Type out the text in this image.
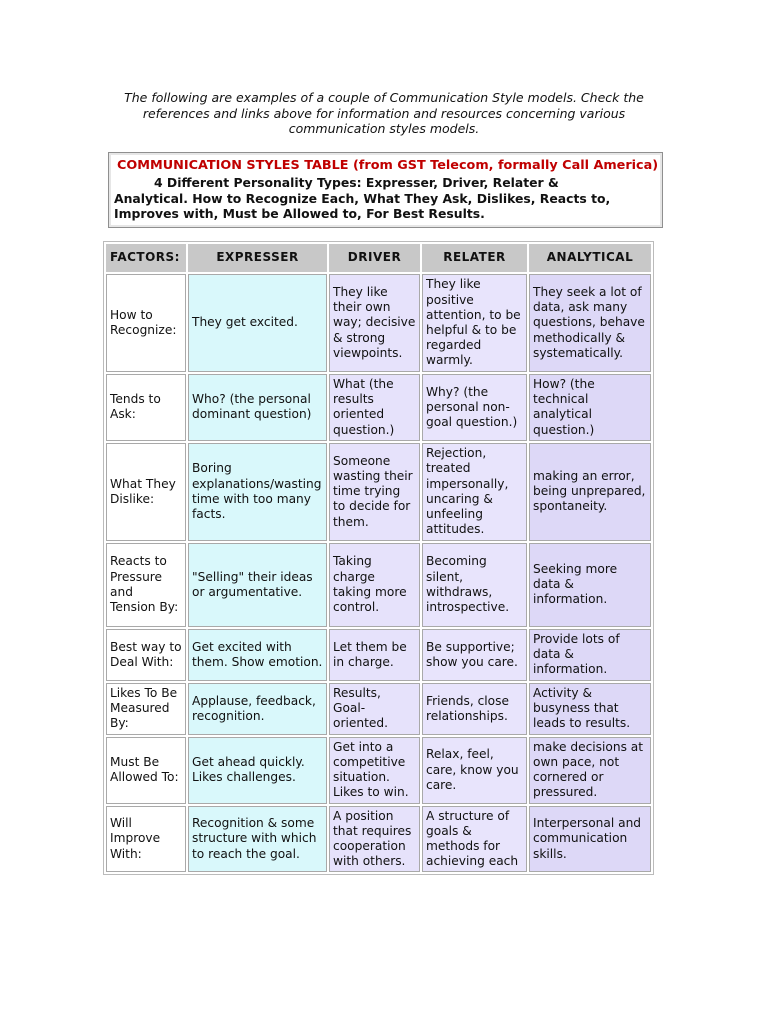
The following are examples of a couple of Communication Style models. Check the references and links above for information and resources concerning various communication styles models.
COMMUNICATION STYLES TABLE (from GST Telecom, formally Call America)
4 Different Personality Types: Expresser, Driver, Relater &
Analytical. How to Recognize Each, What They Ask, Dislikes, Reacts to, Improves with, Must be Allowed to, For Best Results.
FACTORS:	EXPRESSER	DRIVER	RELATER	ANALYTICAL
How to Recognize:	They get excited.	They like their own way; decisive & strong viewpoints.	They like positive attention, to be helpful & to be regarded warmly.	They seek a lot of data, ask many questions, behave methodically & systematically.
Tends to Ask:	Who? (the personal dominant question)	What (the results oriented question.)	Why? (the personal non-goal question.)	How? (the technical analytical question.)
What They Dislike:	Boring explanations/wasting time with too many facts.	Someone wasting their time trying to decide for them.	Rejection, treated impersonally, uncaring & unfeeling attitudes.	making an error, being unprepared, spontaneity.
Reacts to Pressure and Tension By:	"Selling" their ideas or argumentative.	Taking charge taking more control.	Becoming silent, withdraws, introspective.	Seeking more data & information.
Best way to Deal With:	Get excited with them. Show emotion.	Let them be in charge.	Be supportive; show you care.	Provide lots of data & information.
Likes To Be Measured By:	Applause, feedback, recognition.	Results, Goal-oriented.	Friends, close relationships.	Activity & busyness that leads to results.
Must Be Allowed To:	Get ahead quickly. Likes challenges.	Get into a competitive situation. Likes to win.	Relax, feel, care, know you care.	make decisions at own pace, not cornered or pressured.
Will Improve With:	Recognition & some structure with which to reach the goal.	A position that requires cooperation with others.	A structure of goals & methods for achieving each	Interpersonal and communication skills.
